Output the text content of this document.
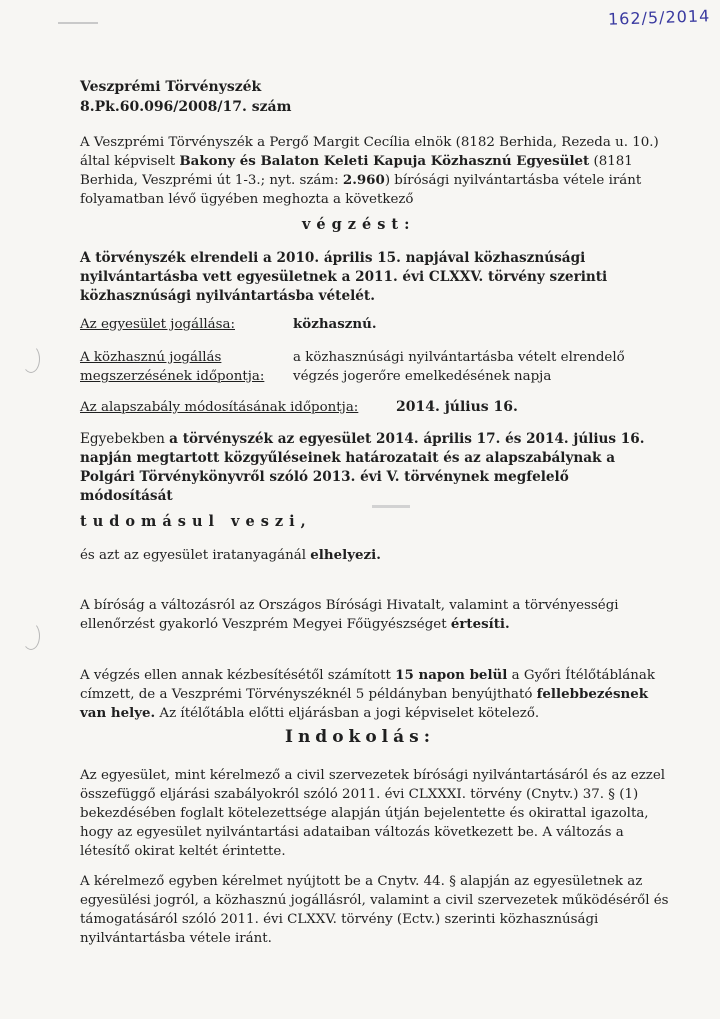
162/5/2014
Veszprémi Törvényszék
8.Pk.60.096/2008/17. szám
A Veszprémi Törvényszék a Pergő Margit Cecília elnök (8182 Berhida, Rezeda u. 10.)
által képviselt Bakony és Balaton Keleti Kapuja Közhasznú Egyesület (8181
Berhida, Veszprémi út 1-3.; nyt. szám: 2.960) bírósági nyilvántartásba vétele iránt
folyamatban lévő ügyében meghozta a következő
végzést:
A törvényszék elrendeli a 2010. április 15. napjával közhasznúsági
nyilvántartásba vett egyesületnek a 2011. évi CLXXV. törvény szerinti
közhasznúsági nyilvántartásba vételét.
Az egyesület jogállása:	közhasznú.
A közhasznú jogállás
megszerzésének időpontja:
a közhasznúsági nyilvántartásba vételt elrendelő
végzés jogerőre emelkedésének napja
Az alapszabály módosításának időpontja:	2014. július 16.
Egyebekben a törvényszék az egyesület 2014. április 17. és 2014. július 16.
napján megtartott közgyűléseinek határozatait és az alapszabálynak a
Polgári Törvénykönyvről szóló 2013. évi V. törvénynek megfelelő
módosítását
tudomásul veszi,
és azt az egyesület iratanyagánál elhelyezi.
A bíróság a változásról az Országos Bírósági Hivatalt, valamint a törvényességi
ellenőrzést gyakorló Veszprém Megyei Főügyészséget értesíti.
A végzés ellen annak kézbesítésétől számított 15 napon belül a Győri Ítélőtáblának
címzett, de a Veszprémi Törvényszéknél 5 példányban benyújtható fellebbezésnek
van helye. Az ítélőtábla előtti eljárásban a jogi képviselet kötelező.
Indokolás:
Az egyesület, mint kérelmező a civil szervezetek bírósági nyilvántartásáról és az ezzel
összefüggő eljárási szabályokról szóló 2011. évi CLXXXI. törvény (Cnytv.) 37. § (1)
bekezdésében foglalt kötelezettsége alapján útján bejelentette és okirattal igazolta,
hogy az egyesület nyilvántartási adataiban változás következett be. A változás a
létesítő okirat keltét érintette.
A kérelmező egyben kérelmet nyújtott be a Cnytv. 44. § alapján az egyesületnek az
egyesülési jogról, a közhasznú jogállásról, valamint a civil szervezetek működéséről és
támogatásáról szóló 2011. évi CLXXV. törvény (Ectv.) szerinti közhasznúsági
nyilvántartásba vétele iránt.
